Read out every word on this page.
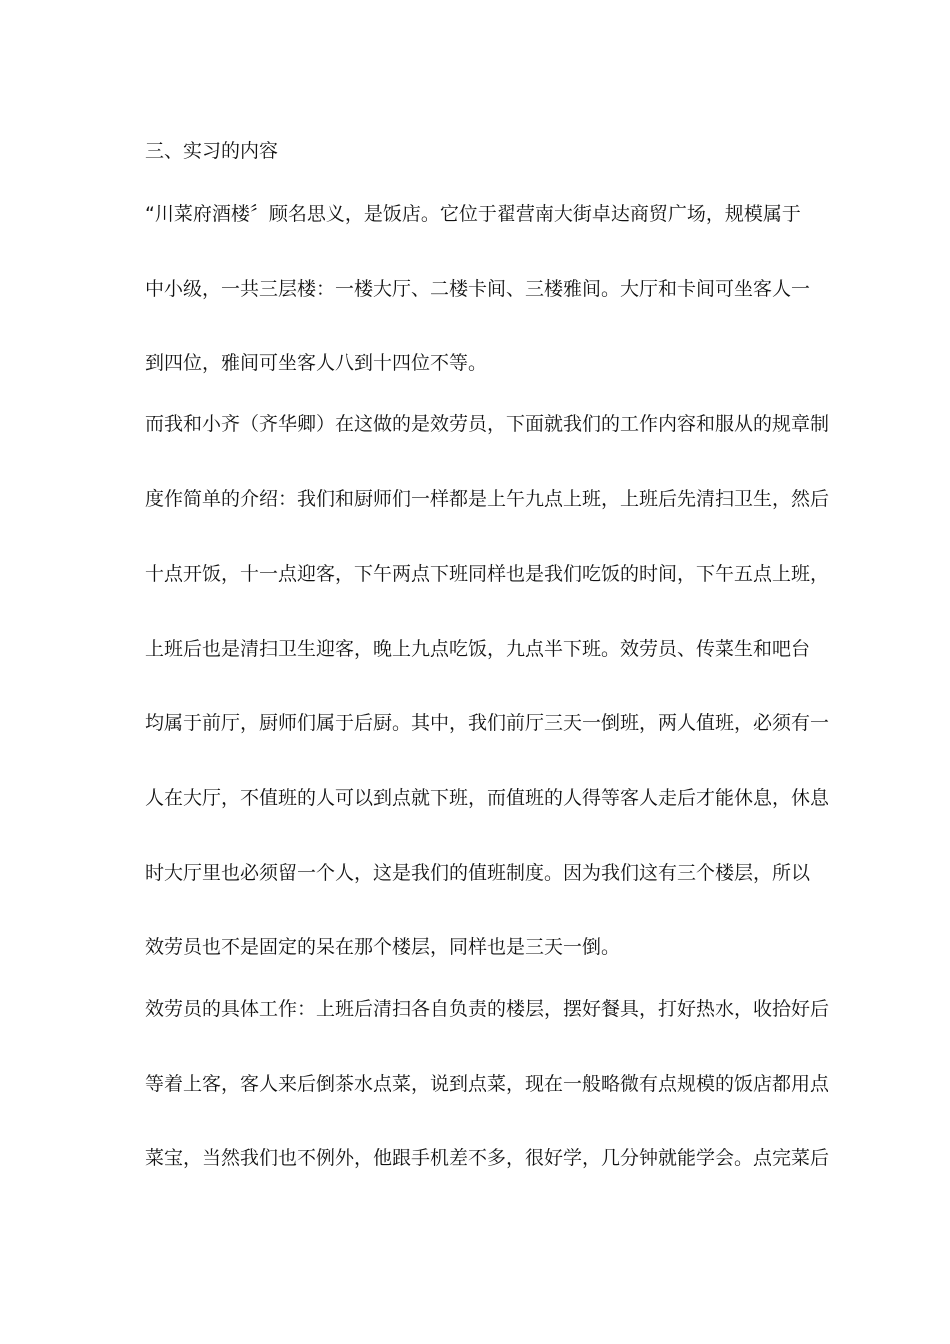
三、实习的内容
“川菜府酒楼〞顾名思义，是饭店。它位于翟营南大街卓达商贸广场，规模属于
中小级，一共三层楼：一楼大厅、二楼卡间、三楼雅间。大厅和卡间可坐客人一
到四位，雅间可坐客人八到十四位不等。
而我和小齐（齐华卿）在这做的是效劳员，下面就我们的工作内容和服从的规章制
度作简单的介绍：我们和厨师们一样都是上午九点上班，上班后先清扫卫生，然后
十点开饭，十一点迎客，下午两点下班同样也是我们吃饭的时间，下午五点上班，
上班后也是清扫卫生迎客，晚上九点吃饭，九点半下班。效劳员、传菜生和吧台
均属于前厅，厨师们属于后厨。其中，我们前厅三天一倒班，两人值班，必须有一
人在大厅，不值班的人可以到点就下班，而值班的人得等客人走后才能休息，休息
时大厅里也必须留一个人，这是我们的值班制度。因为我们这有三个楼层，所以
效劳员也不是固定的呆在那个楼层，同样也是三天一倒。
效劳员的具体工作：上班后清扫各自负责的楼层，摆好餐具，打好热水，收拾好后
等着上客，客人来后倒茶水点菜，说到点菜，现在一般略微有点规模的饭店都用点
菜宝，当然我们也不例外，他跟手机差不多，很好学，几分钟就能学会。点完菜后
